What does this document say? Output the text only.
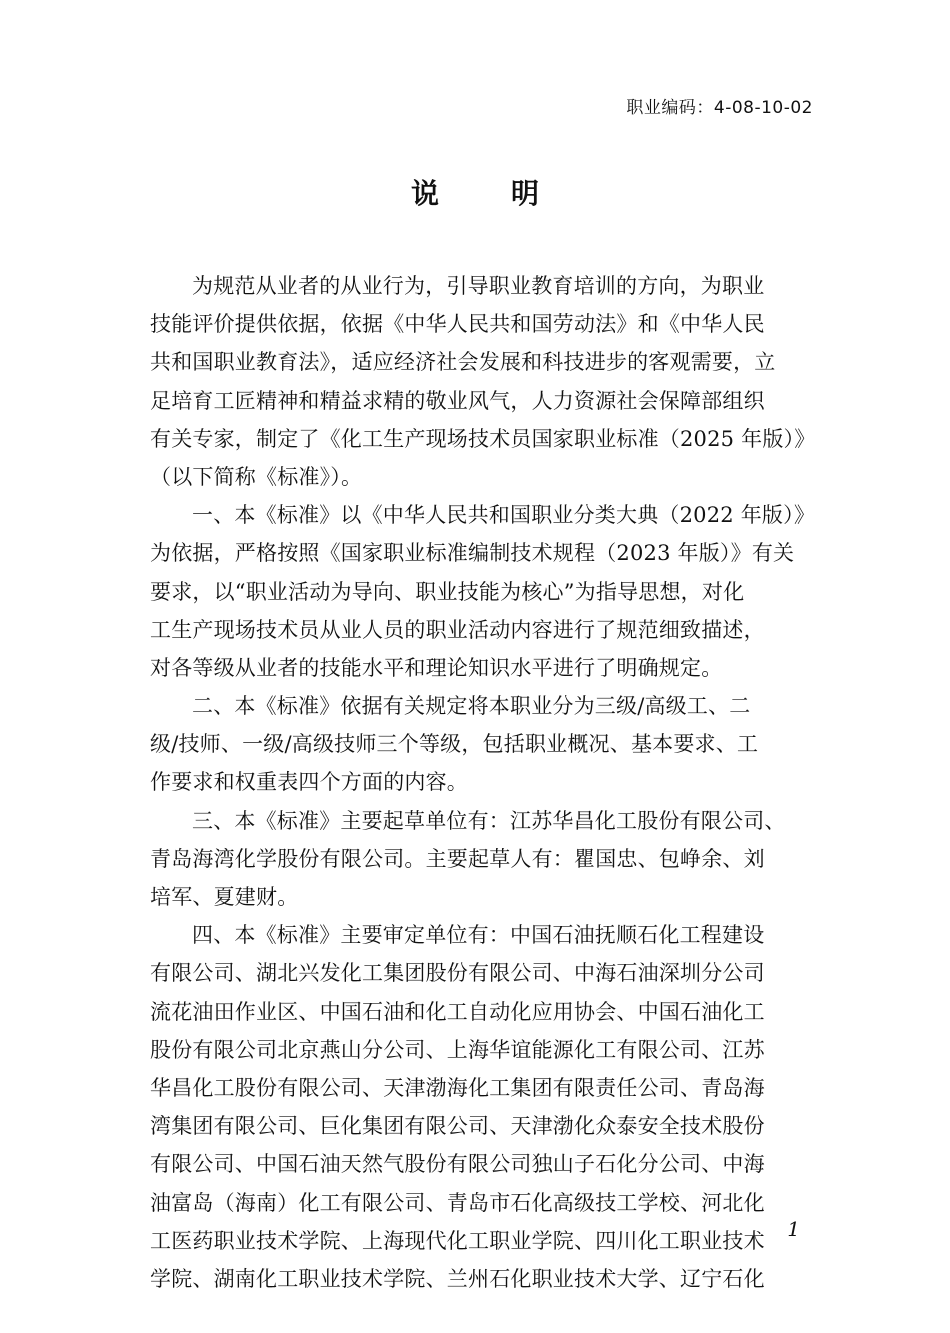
职业编码：4-08-10-02
说	明
为规范从业者的从业行为，引导职业教育培训的方向，为职业
技能评价提供依据，依据《中华人民共和国劳动法》和《中华人民
共和国职业教育法》，适应经济社会发展和科技进步的客观需要，立
足培育工匠精神和精益求精的敬业风气，人力资源社会保障部组织
有关专家，制定了《化工生产现场技术员国家职业标准（2025 年版）》
（以下简称《标准》）。
一、本《标准》以《中华人民共和国职业分类大典（2022 年版）》
为依据，严格按照《国家职业标准编制技术规程（2023 年版）》有关
要求，以“职业活动为导向、职业技能为核心”为指导思想，对化
工生产现场技术员从业人员的职业活动内容进行了规范细致描述，
对各等级从业者的技能水平和理论知识水平进行了明确规定。
二、本《标准》依据有关规定将本职业分为三级/高级工、二
级/技师、一级/高级技师三个等级，包括职业概况、基本要求、工
作要求和权重表四个方面的内容。
三、本《标准》主要起草单位有：江苏华昌化工股份有限公司、
青岛海湾化学股份有限公司。主要起草人有：瞿国忠、包峥余、刘
培军、夏建财。
四、本《标准》主要审定单位有：中国石油抚顺石化工程建设
有限公司、湖北兴发化工集团股份有限公司、中海石油深圳分公司
流花油田作业区、中国石油和化工自动化应用协会、中国石油化工
股份有限公司北京燕山分公司、上海华谊能源化工有限公司、江苏
华昌化工股份有限公司、天津渤海化工集团有限责任公司、青岛海
湾集团有限公司、巨化集团有限公司、天津渤化众泰安全技术股份
有限公司、中国石油天然气股份有限公司独山子石化分公司、中海
油富岛（海南）化工有限公司、青岛市石化高级技工学校、河北化
工医药职业技术学院、上海现代化工职业学院、四川化工职业技术
学院、湖南化工职业技术学院、兰州石化职业技术大学、辽宁石化
1
